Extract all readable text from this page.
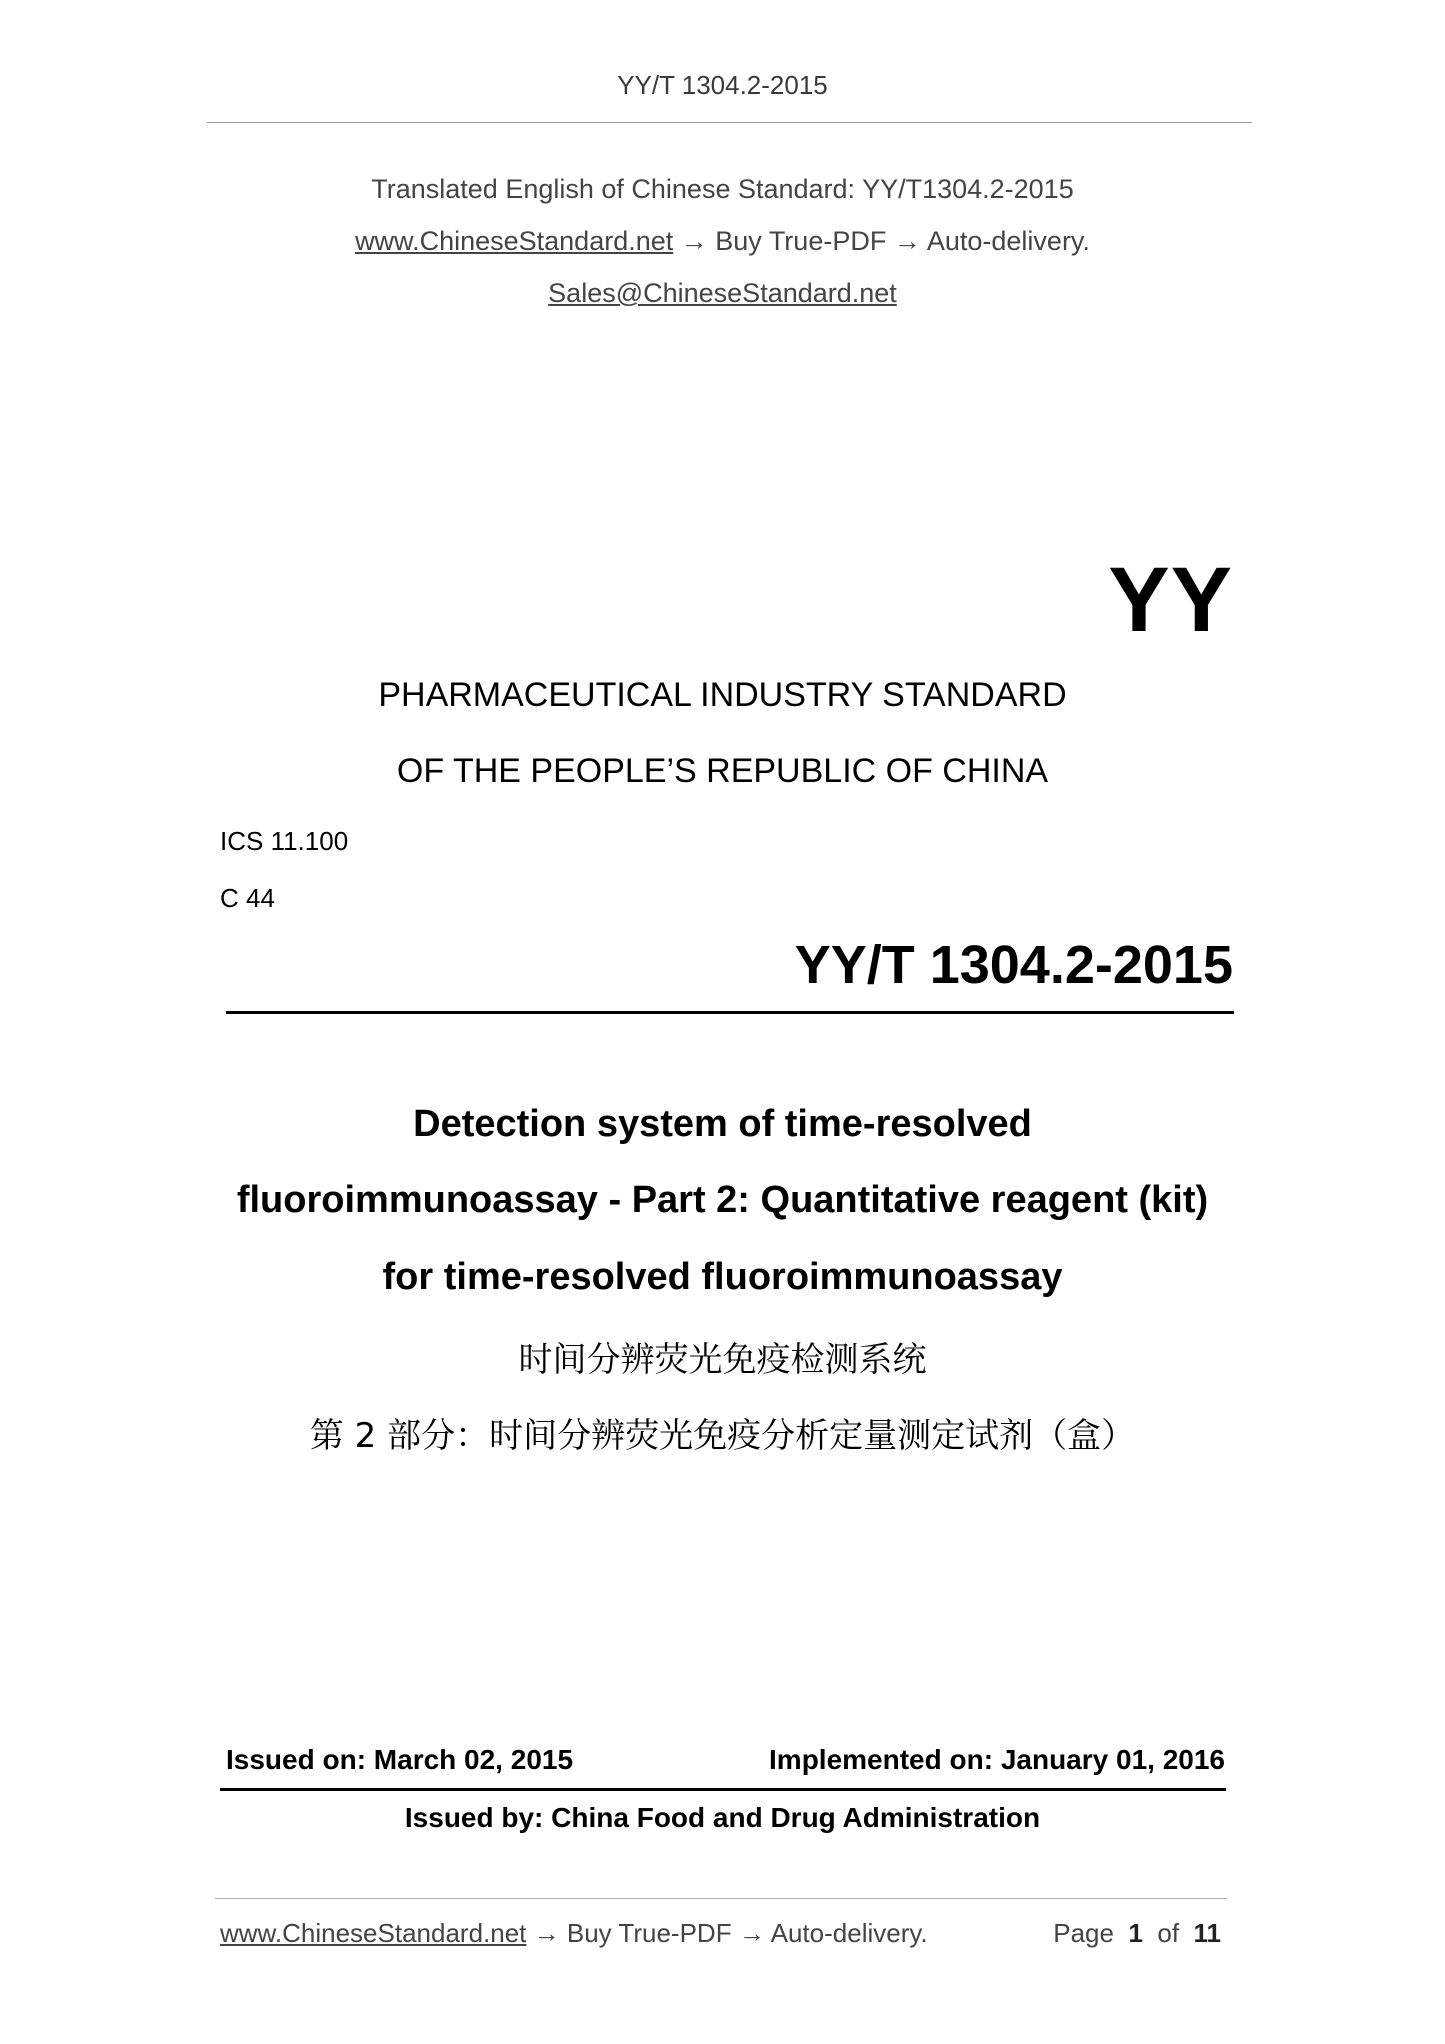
YY/T 1304.2-2015
Translated English of Chinese Standard: YY/T1304.2-2015
www.ChineseStandard.net → Buy True-PDF → Auto-delivery.
Sales@ChineseStandard.net
YY
PHARMACEUTICAL INDUSTRY STANDARD
OF THE PEOPLE’S REPUBLIC OF CHINA
ICS 11.100
C 44
YY/T 1304.2-2015
Detection system of time-resolved
fluoroimmunoassay - Part 2: Quantitative reagent (kit)
for time-resolved fluoroimmunoassay
时间分辨荧光免疫检测系统
第 2 部分：时间分辨荧光免疫分析定量测定试剂（盒）
Issued on: March 02, 2015	Implemented on: January 01, 2016
Issued by: China Food and Drug Administration
www.ChineseStandard.net → Buy True-PDF → Auto-delivery.	Page 1 of 11
